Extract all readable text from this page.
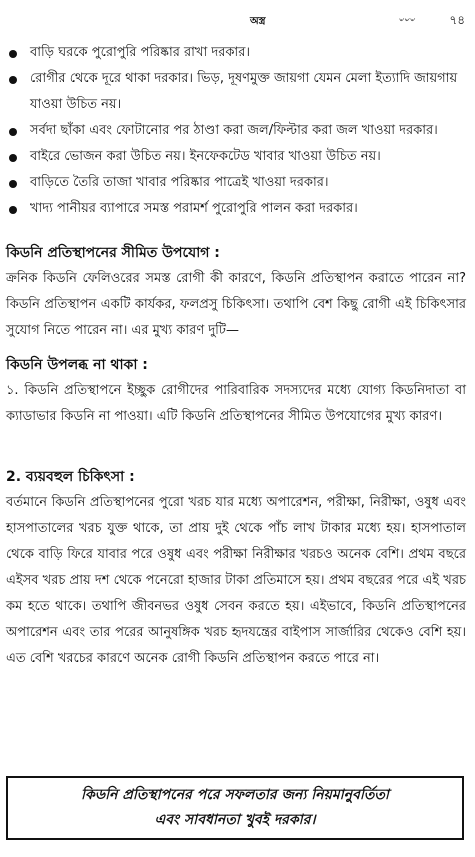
অস্ত্র	৺৺৺	৭৪
বাড়ি ঘরকে পুরোপুরি পরিষ্কার রাখা দরকার।
রোগীর থেকে দূরে থাকা দরকার। ভিড়, দূষণমুক্ত জায়গা যেমন মেলা ইত্যাদি জায়গায় যাওয়া উচিত নয়।
সর্বদা ছাঁকা এবং ফোটানোর পর ঠাণ্ডা করা জল/ফিল্টার করা জল খাওয়া দরকার।
বাইরে ভোজন করা উচিত নয়। ইনফেকটেড খাবার খাওয়া উচিত নয়।
বাড়িতে তৈরি তাজা খাবার পরিষ্কার পাত্রেই খাওয়া দরকার।
খাদ্য পানীয়র ব্যাপারে সমস্ত পরামর্শ পুরোপুরি পালন করা দরকার।

কিডনি প্রতিস্থাপনের সীমিত উপযোগ :

ক্রনিক কিডনি ফেলিওরের সমস্ত রোগী কী কারণে, কিডনি প্রতিস্থাপন করাতে পারেন না? কিডনি প্রতিস্থাপন একটি কার্যকর, ফলপ্রসু চিকিৎসা। তথাপি বেশ কিছু রোগী এই চিকিৎসার সুযোগ নিতে পারেন না। এর মুখ্য কারণ দুটি—

কিডনি উপলব্ধ না থাকা :

১. কিডনি প্রতিস্থাপনে ইচ্ছুক রোগীদের পারিবারিক সদস্যদের মধ্যে যোগ্য কিডনিদাতা বা ক্যাডাভার কিডনি না পাওয়া। এটি কিডনি প্রতিস্থাপনের সীমিত উপযোগের মুখ্য কারণ।

2. ব্যয়বহুল চিকিৎসা :

বর্তমানে কিডনি প্রতিস্থাপনের পুরো খরচ যার মধ্যে অপারেশন, পরীক্ষা, নিরীক্ষা, ওষুধ এবং হাসপাতালের খরচ যুক্ত থাকে, তা প্রায় দুই থেকে পাঁচ লাখ টাকার মধ্যে হয়। হাসপাতাল থেকে বাড়ি ফিরে যাবার পরে ওষুধ এবং পরীক্ষা নিরীক্ষার খরচও অনেক বেশি। প্রথম বছরে এইসব খরচ প্রায় দশ থেকে পনেরো হাজার টাকা প্রতিমাসে হয়। প্রথম বছরের পরে এই খরচ কম হতে থাকে। তথাপি জীবনভর ওষুধ সেবন করতে হয়। এইভাবে, কিডনি প্রতিস্থাপনের অপারেশন এবং তার পরের আনুষঙ্গিক খরচ হৃদযন্ত্রের বাইপাস সার্জারির থেকেও বেশি হয়। এত বেশি খরচের কারণে অনেক রোগী কিডনি প্রতিস্থাপন করতে পারে না।

কিডনি প্রতিস্থাপনের পরে সফলতার জন্য নিয়মানুবর্তিতা

এবং সাবধানতা খুবই দরকার।
